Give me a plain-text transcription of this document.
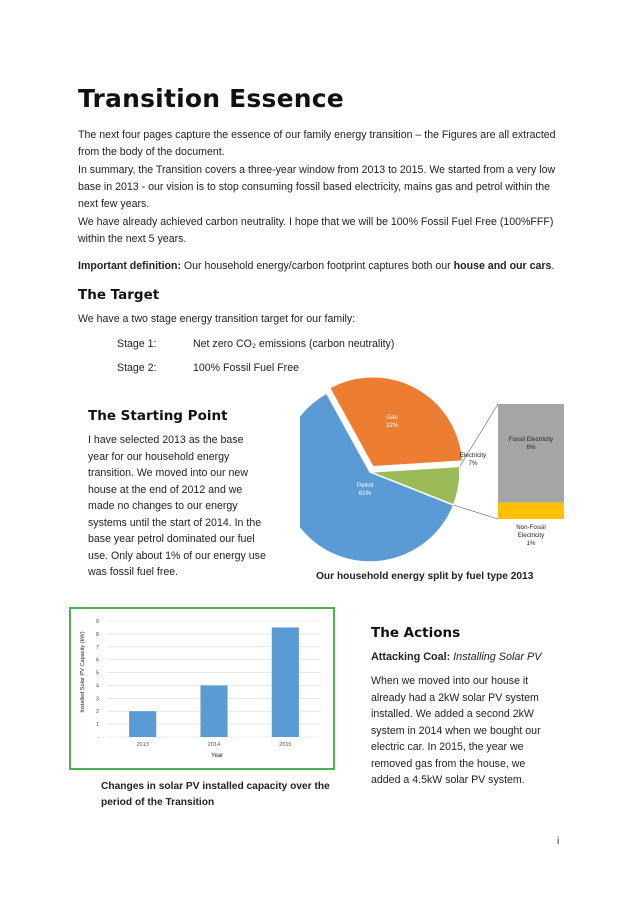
Transition Essence

The next four pages capture the essence of our family energy transition – the Figures are all extracted from the body of the document.

In summary, the Transition covers a three-year window from 2013 to 2015. We started from a very low base in 2013 - our vision is to stop consuming fossil based electricity, mains gas and petrol within the next few years.

We have already achieved carbon neutrality. I hope that we will be 100% Fossil Fuel Free (100%FFF) within the next 5 years.

Important definition: Our household energy/carbon footprint captures both our house and our cars.

The Target

We have a two stage energy transition target for our family:

Stage 1:	Net zero CO₂ emissions (carbon neutrality)
Stage 2:	100% Fossil Fuel Free
The Starting Point

I have selected 2013 as the base year for our household energy transition. We moved into our new house at the end of 2012 and we made no changes to our energy systems until the start of 2014. In the base year petrol dominated our fuel use. Only about 1% of our energy use was fossil fuel free.

Gas
32%
Petrol
61%
Electricity
7%
Fossil Electricity
6%
Non-Fossil Electricity
1%
Our household energy split by fuel type 2013
-
1
2
3
4
5
6
7
8
9
2013	2014	2015
Installed Solar PV Capacity (kW)
Year
Changes in solar PV installed capacity over the period of the Transition
The Actions
Attacking Coal: Installing Solar PV

When we moved into our house it already had a 2kW solar PV system installed. We added a second 2kW system in 2014 when we bought our electric car. In 2015, the year we removed gas from the house, we added a 4.5kW solar PV system.

i
